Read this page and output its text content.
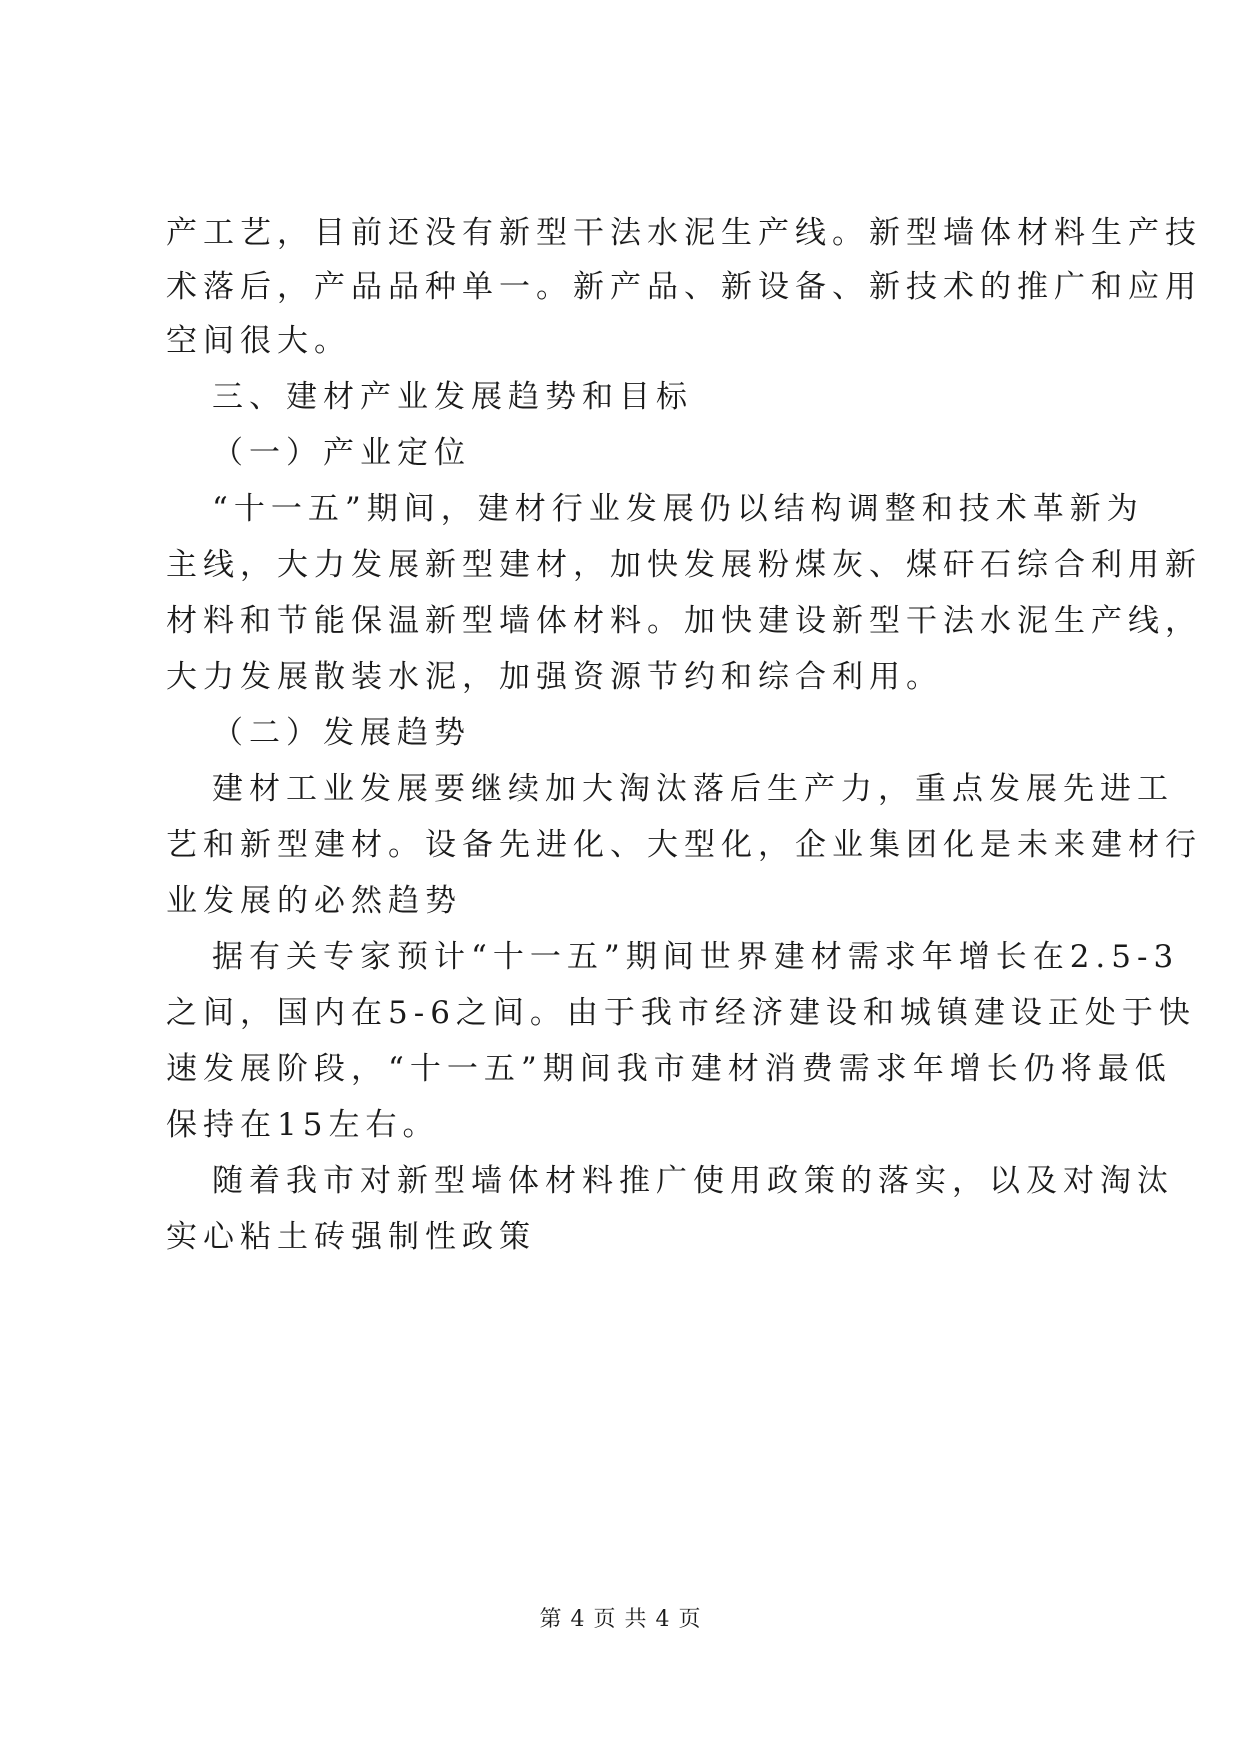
产工艺，目前还没有新型干法水泥生产线。新型墙体材料生产技
术落后，产品品种单一。新产品、新设备、新技术的推广和应用
空间很大。
三、建材产业发展趋势和目标
（一）产业定位
“十一五”期间，建材行业发展仍以结构调整和技术革新为
主线，大力发展新型建材，加快发展粉煤灰、煤矸石综合利用新
材料和节能保温新型墙体材料。加快建设新型干法水泥生产线，
大力发展散装水泥，加强资源节约和综合利用。
（二）发展趋势
建材工业发展要继续加大淘汰落后生产力，重点发展先进工
艺和新型建材。设备先进化、大型化，企业集团化是未来建材行
业发展的必然趋势
据有关专家预计“十一五”期间世界建材需求年增长在2.5-3
之间，国内在5-6之间。由于我市经济建设和城镇建设正处于快
速发展阶段，“十一五”期间我市建材消费需求年增长仍将最低
保持在15左右。
随着我市对新型墙体材料推广使用政策的落实，以及对淘汰
实心粘土砖强制性政策
第 4 页 共 4 页
